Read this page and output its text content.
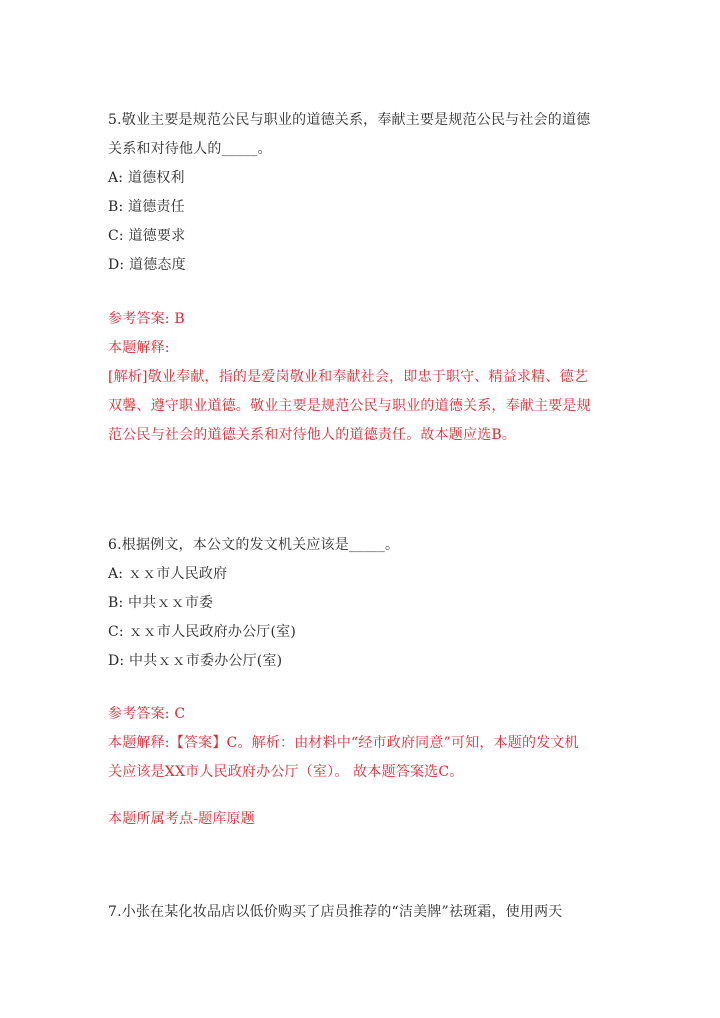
5.敬业主要是规范公民与职业的道德关系，奉献主要是规范公民与社会的道德
关系和对待他人的_____。
A: 道德权利
B: 道德责任
C: 道德要求
D: 道德态度
参考答案: B
本题解释:
[解析]敬业奉献，指的是爱岗敬业和奉献社会，即忠于职守、精益求精、德艺
双馨、遵守职业道德。敬业主要是规范公民与职业的道德关系，奉献主要是规
范公民与社会的道德关系和对待他人的道德责任。故本题应选B。
6.根据例文，本公文的发文机关应该是_____。
A: ｘｘ市人民政府
B: 中共ｘｘ市委
C: ｘｘ市人民政府办公厅(室)
D: 中共ｘｘ市委办公厅(室)
参考答案: C
本题解释:【答案】C。解析：由材料中“经市政府同意”可知，本题的发文机
关应该是XX市人民政府办公厅（室）。 故本题答案选C。
本题所属考点-题库原题
7.小张在某化妆品店以低价购买了店员推荐的“洁美牌”祛斑霜，使用两天
